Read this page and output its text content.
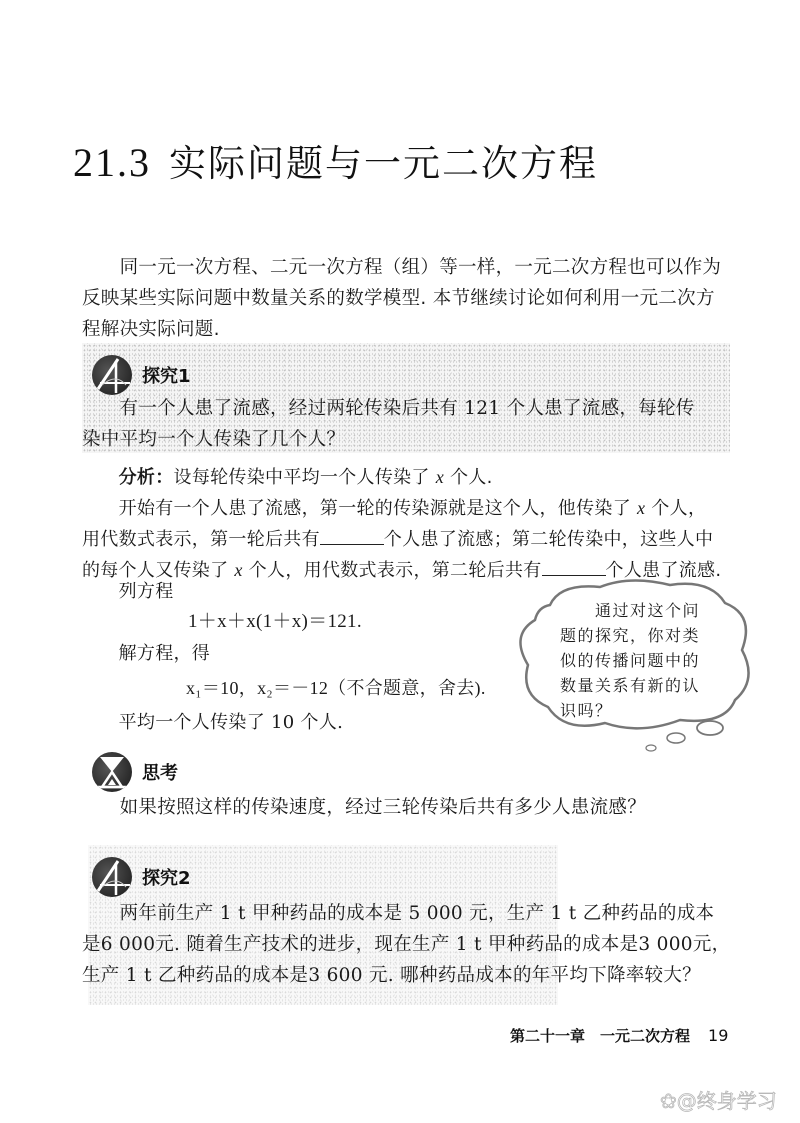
21.3 实际问题与一元二次方程
　　同一元一次方程、二元一次方程（组）等一样，一元二次方程也可以作为
反映某些实际问题中数量关系的数学模型. 本节继续讨论如何利用一元二次方
程解决实际问题.
探究1
　　有一个人患了流感，经过两轮传染后共有 121 个人患了流感，每轮传
染中平均一个人传染了几个人？
　　分析：设每轮传染中平均一个人传染了 x 个人.
　　开始有一个人患了流感，第一轮的传染源就是这个人，他传染了 x 个人，
用代数式表示，第一轮后共有	个人患了流感；第二轮传染中，这些人中
的每个人又传染了 x 个人，用代数式表示，第二轮后共有	个人患了流感.
　　列方程
1＋x＋x(1＋x)＝121.
　　解方程，得
x₁＝10，x₂＝－12（不合题意，舍去).
　　平均一个人传染了 10 个人.
　　通过对这个问题的探究，你对类似的传播问题中的数量关系有新的认识吗？
思考
　　如果按照这样的传染速度，经过三轮传染后共有多少人患流感？
探究2
　　两年前生产 1 t 甲种药品的成本是 5 000 元，生产 1 t 乙种药品的成本
是6 000元. 随着生产技术的进步，现在生产 1 t 甲种药品的成本是3 000元，
生产 1 t 乙种药品的成本是3 600 元. 哪种药品成本的年平均下降率较大？
第二十一章　一元二次方程 19
❀@终身学习
